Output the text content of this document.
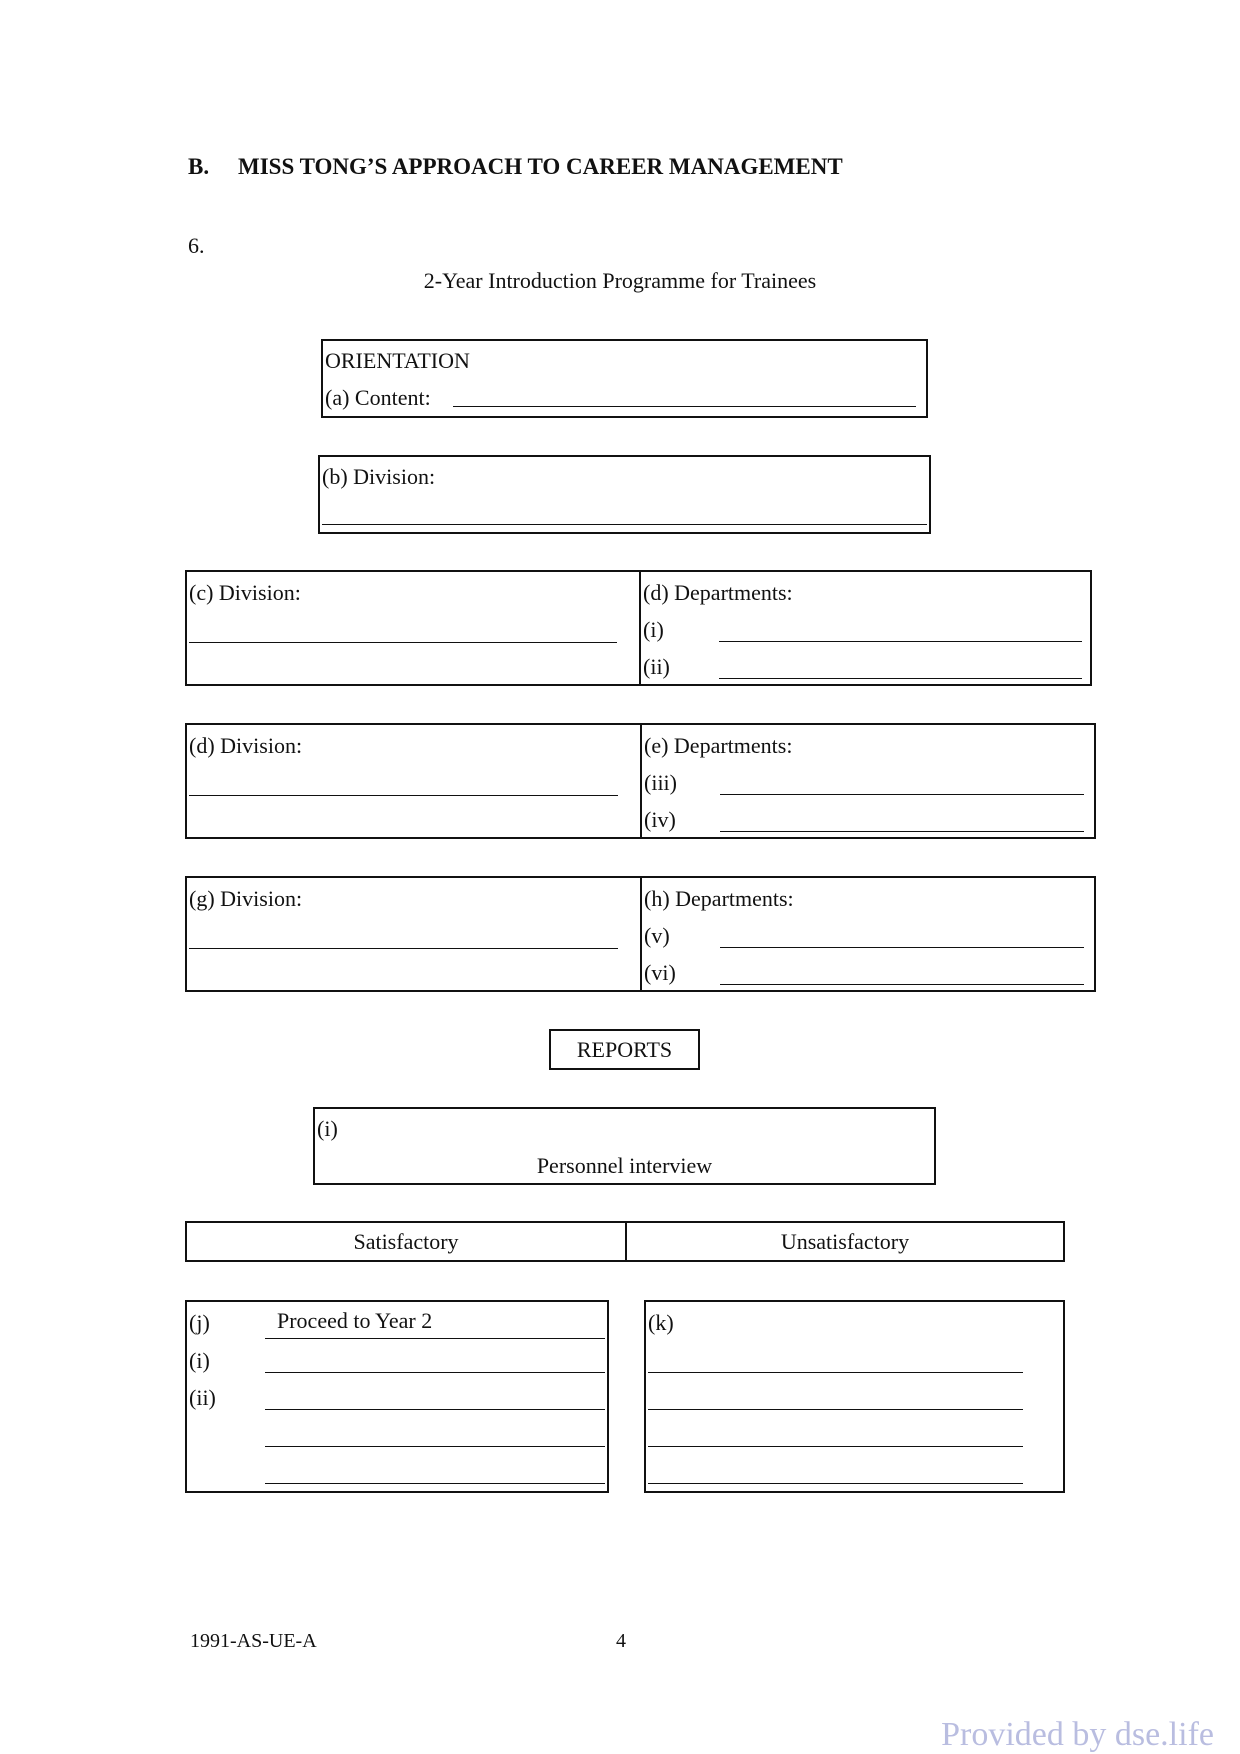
B. MISS TONG’S APPROACH TO CAREER MANAGEMENT
6.
2-Year Introduction Programme for Trainees
ORIENTATION
(a) Content:
(b) Division:
(c) Division:	(d) Departments:
(i)
(ii)
(d) Division:	(e) Departments:
(iii)
(iv)
(g) Division:	(h) Departments:
(v)
(vi)
REPORTS
(i)
Personnel interview
Satisfactory	Unsatisfactory
(j)	Proceed to Year 2
(i)
(ii)
(k)
1991-AS-UE-A	4
Provided by dse.life
